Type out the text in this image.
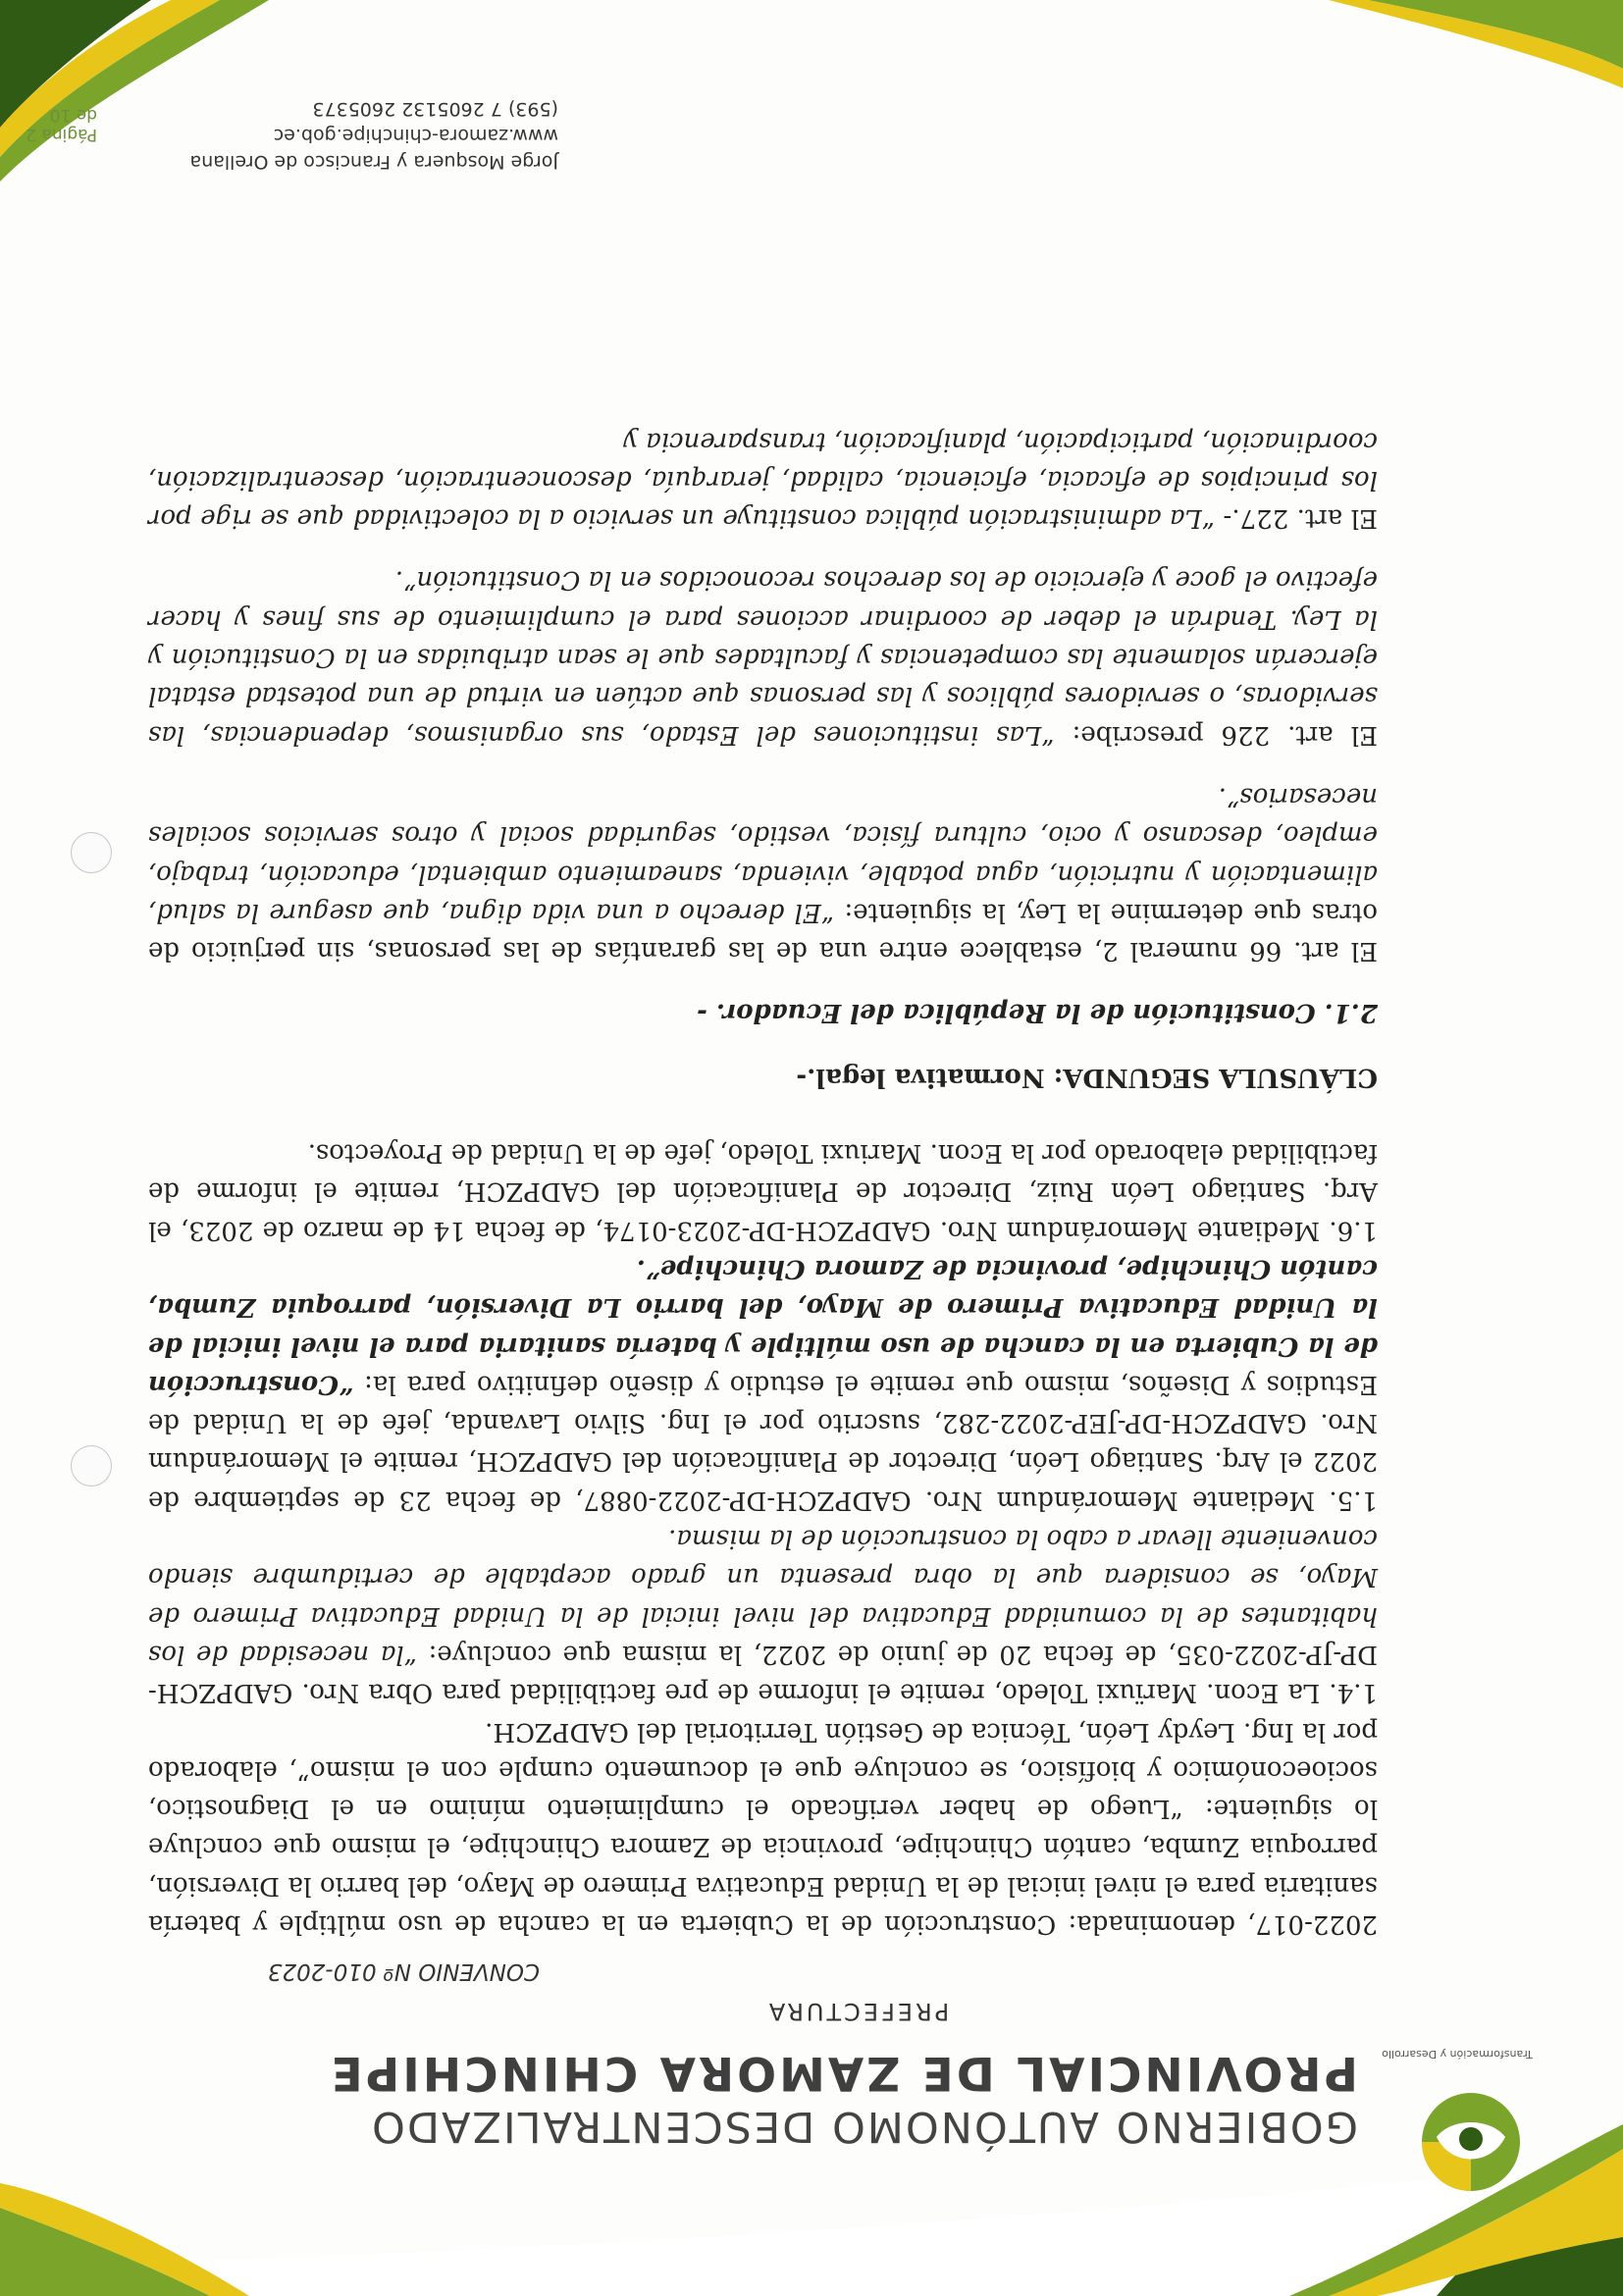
Transformación y Desarrollo
GOBIERNO AUTÓNOMO DESCENTRALIZADO
PROVINCIAL DE ZAMORA CHINCHIPE
PREFECTURA
CONVENIO Nº 010-2023

2022-017, denominada: Construcción de la Cubierta en la cancha de uso múltiple y batería sanitaria para el nivel inicial de la Unidad Educativa Primero de Mayo, del barrio la Diversión, parroquia Zumba, cantón Chinchipe, provincia de Zamora Chinchipe, el mismo que concluye lo siguiente: “Luego de haber verificado el cumplimiento mínimo en el Diagnostico, socioeconómico y biofísico, se concluye que el documento cumple con el mismo”, elaborado por la Ing. Leydy León, Técnica de Gestión Territorial del GADPZCH.

1.4. La Econ. Marïuxi Toledo, remite el informe de pre factibilidad para Obra Nro. GADPZCH-DP-JP-2022-035, de fecha 20 de junio de 2022, la misma que concluye: “la necesidad de los habitantes de la comunidad Educativa del nivel inicial de la Unidad Educativa Primero de Mayo, se considera que la obra presenta un grado aceptable de certidumbre siendo conveniente llevar a cabo la construcción de la misma.

1.5. Mediante Memorándum Nro. GADPZCH-DP-2022-0887, de fecha 23 de septiembre de 2022 el Arq. Santiago León, Director de Planificación del GADPZCH, remite el Memorándum Nro. GADPZCH-DP-JEP-2022-282, suscrito por el Ing. Silvio Lavanda, jefe de la Unidad de Estudios y Diseños, mismo que remite el estudio y diseño definitivo para la: “Construcción de la Cubierta en la cancha de uso múltiple y batería sanitaria para el nivel inicial de la Unidad Educativa Primero de Mayo, del barrio La Diversión, parroquia Zumba, cantón Chinchipe, provincia de Zamora Chinchipe”.

1.6. Mediante Memorándum Nro. GADPZCH-DP-2023-0174, de fecha 14 de marzo de 2023, el Arq. Santiago León Ruiz, Director de Planificación del GADPZCH, remite el informe de factibilidad elaborado por la Econ. Mariuxi Toledo, jefe de la Unidad de Proyectos.

CLÁUSULA SEGUNDA: Normativa legal.-

2.1. Constitución de la República del Ecuador. -

El art. 66 numeral 2, establece entre una de las garantías de las personas, sin perjuicio de otras que determine la Ley, la siguiente: “El derecho a una vida digna, que asegure la salud, alimentación y nutrición, agua potable, vivienda, saneamiento ambiental, educación, trabajo, empleo, descanso y ocio, cultura física, vestido, seguridad social y otros servicios sociales necesarios”.

El art. 226 prescribe: “Las instituciones del Estado, sus organismos, dependencias, las servidoras, o servidores públicos y las personas que actúen en virtud de una potestad estatal ejercerán solamente las competencias y facultades que le sean atribuidas en la Constitución y la Ley. Tendrán el deber de coordinar acciones para el cumplimiento de sus fines y hacer efectivo el goce y ejercicio de los derechos reconocidos en la Constitución”.

El art. 227.- “La administración pública constituye un servicio a la colectividad que se rige por los principios de eficacia, eficiencia, calidad, jerarquía, desconcentración, descentralización, coordinación, participación, planificación, transparencia y

Jorge Mosquera y Francisco de Orellana
www.zamora-chinchipe.gob.ec
(593) 7 2605132 2605373
Página 2 de 10
